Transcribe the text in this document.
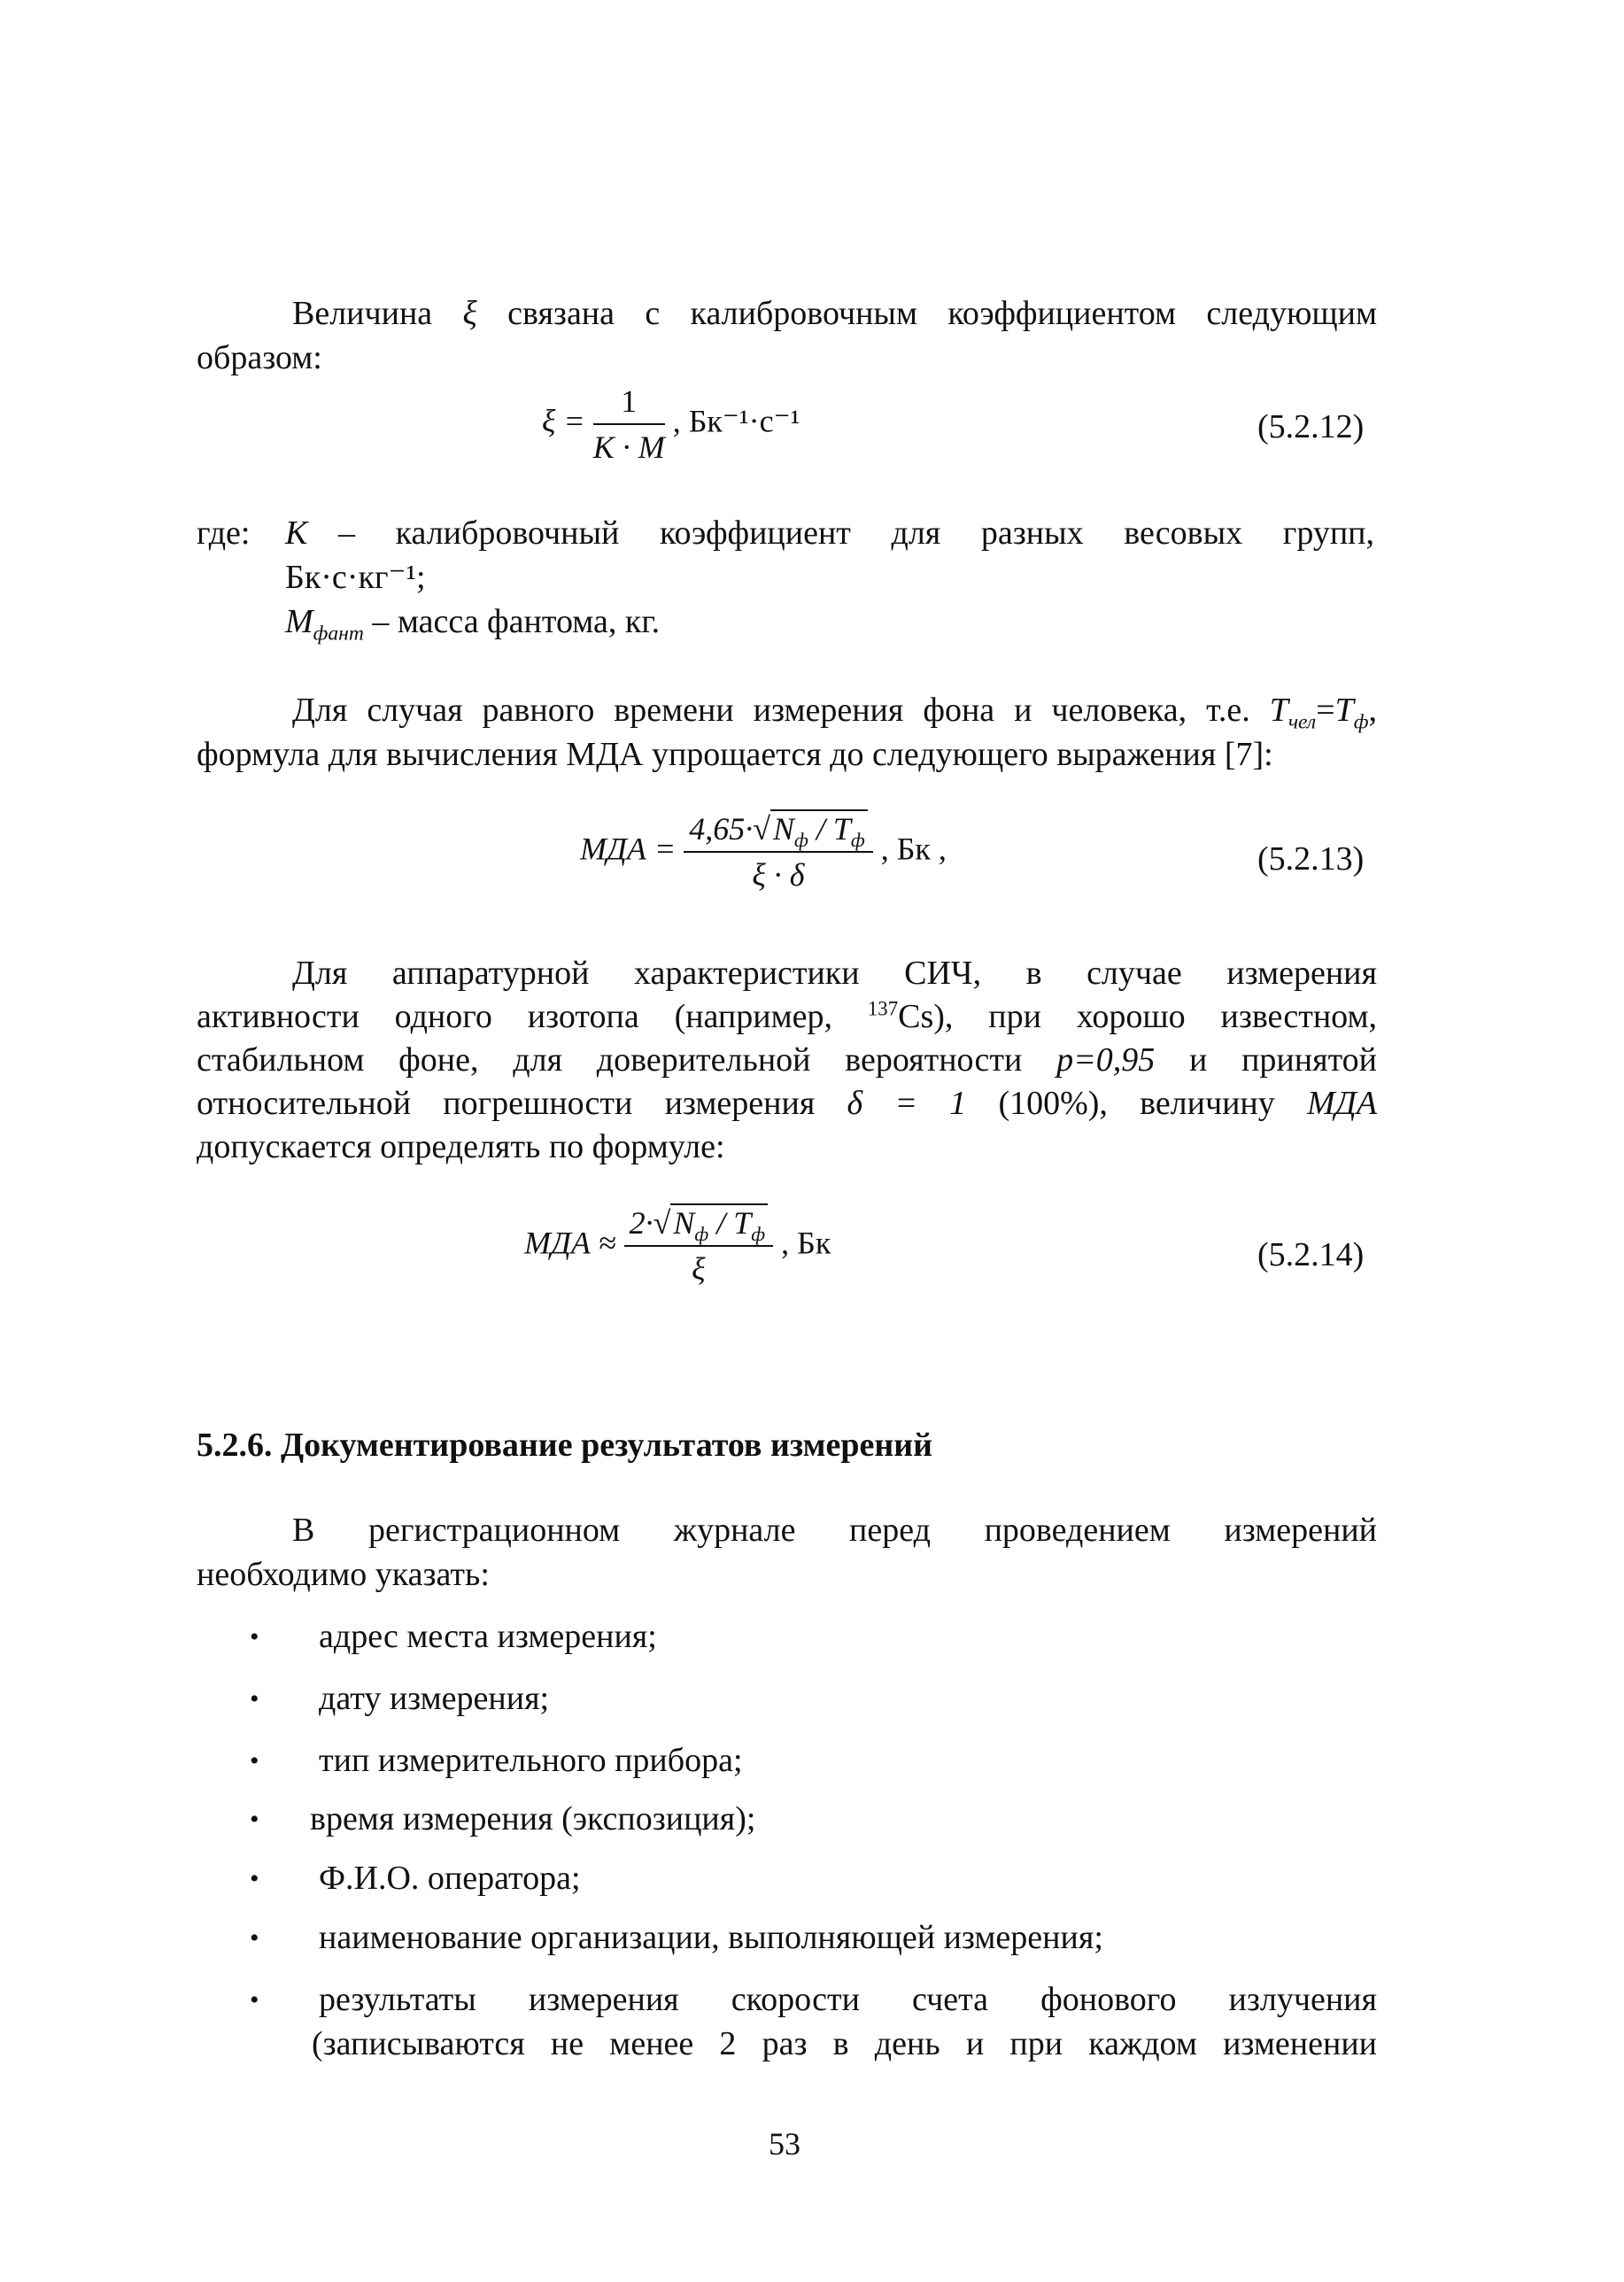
Величина ξ связана с калибровочным коэффициентом следующим
образом:
$\xi = \frac{1}{K \cdot M}$ , Бк⁻¹·с⁻¹	(5.2.12)
где: K – калибровочный коэффициент для разных весовых групп,
Бк·с·кг⁻¹;
$M_{фант}$ – масса фантома, кг.
Для случая равного времени измерения фона и человека, т.е. $T_{чел}=T_ф$,
формула для вычисления МДА упрощается до следующего выражения [7]:
МДА = $\frac{4,65\cdot√N_ф / T_ф}{\xi \cdot \delta}$ , Бк ,	(5.2.13)
Для аппаратурной характеристики СИЧ, в случае измерения
активности одного изотопа (например, $^{137}$Cs), при хорошо известном,
стабильном фоне, для доверительной вероятности p=0,95 и принятой
относительной погрешности измерения δ = 1 (100%), величину МДА
допускается определять по формуле:
МДА ≈ $\frac{2\cdot√N_ф / T_ф}{\xi}$ , Бк	(5.2.14)
5.2.6. Документирование результатов измерений
В регистрационном журнале перед проведением измерений
необходимо указать:
• адрес места измерения;
• дату измерения;
• тип измерительного прибора;
• время измерения (экспозиция);
• Ф.И.О. оператора;
• наименование организации, выполняющей измерения;
• результаты измерения скорости счета фонового излучения
(записываются не менее 2 раз в день и при каждом изменении
53
